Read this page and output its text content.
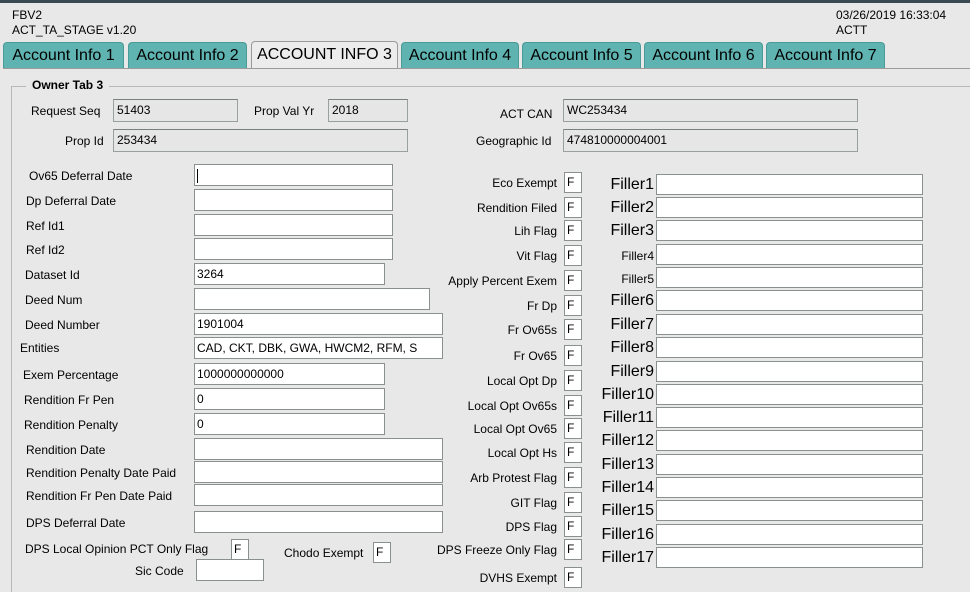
FBV2
ACT_TA_STAGE v1.20
03/26/2019 16:33:04
ACTT
Account Info 1	Account Info 2	ACCOUNT INFO 3	Account Info 4	Account Info 5	Account Info 6	Account Info 7
Owner Tab 3
Request Seq	51403	Prop Val Yr	2018
Prop Id	253434
ACT CAN	WC253434
Geographic Id	474810000004001
Ov65 Deferral Date
Dp Deferral Date
Ref Id1
Ref Id2
Dataset Id	3264
Deed Num
Deed Number	1901004
Entities	CAD, CKT, DBK, GWA, HWCM2, RFM, S
Exem Percentage	1000000000000
Rendition Fr Pen	0
Rendition Penalty	0
Rendition Date
Rendition Penalty Date Paid
Rendition Fr Pen Date Paid
DPS Deferral Date
DPS Local Opinion PCT Only Flag F	Chodo Exempt F
Sic Code
Eco Exempt F
Rendition Filed F
Lih Flag F
Vit Flag F
Apply Percent Exem F
Fr Dp F
Fr Ov65s F
Fr Ov65 F
Local Opt Dp F
Local Opt Ov65s F
Local Opt Ov65 F
Local Opt Hs F
Arb Protest Flag F
GIT Flag F
DPS Flag F
DPS Freeze Only Flag F
DVHS Exempt F
Filler1
Filler2
Filler3
Filler4
Filler5
Filler6
Filler7
Filler8
Filler9
Filler10
Filler11
Filler12
Filler13
Filler14
Filler15
Filler16
Filler17
